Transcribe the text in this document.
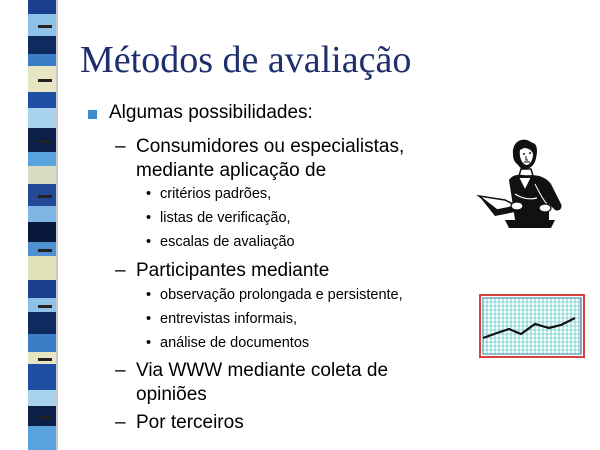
Métodos de avaliação
Algumas possibilidades:
– Consumidores ou especialistas,
mediante aplicação de
• critérios padrões,
• listas de verificação,
• escalas de avaliação
– Participantes mediante
• observação prolongada e persistente,
• entrevistas informais,
• análise de documentos
– Via WWW mediante coleta de
opiniões
– Por terceiros
